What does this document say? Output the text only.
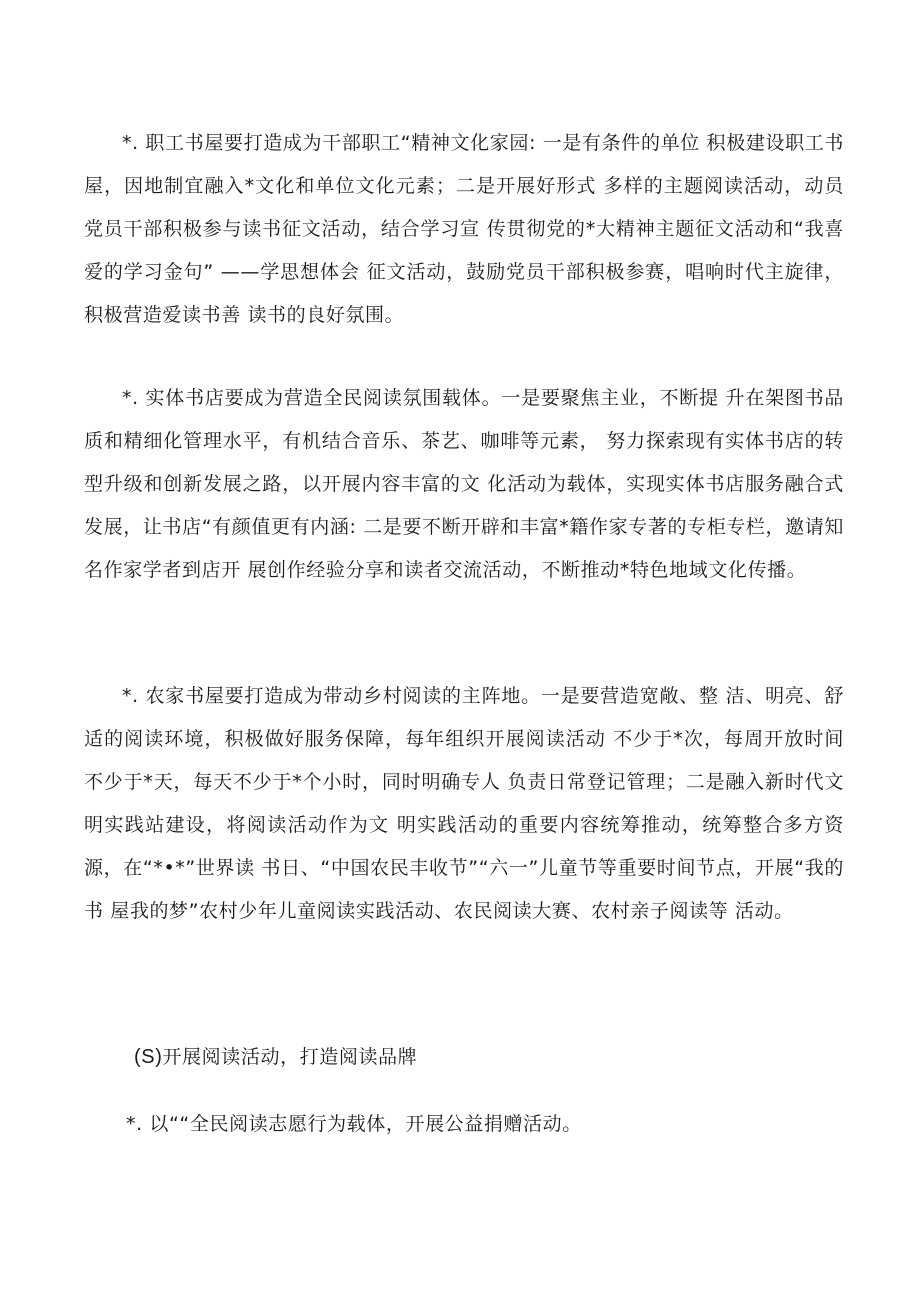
*. 职工书屋要打造成为干部职工“精神文化家园: 一是有条件的单位 积极建设职工书屋，因地制宜融入*文化和单位文化元素；二是开展好形式 多样的主题阅读活动，动员党员干部积极参与读书征文活动，结合学习宣 传贯彻党的*大精神主题征文活动和“我喜爱的学习金句” ——学思想体会 征文活动，鼓励党员干部积极参赛，唱响时代主旋律，积极营造爱读书善 读书的良好氛围。

*. 实体书店要成为营造全民阅读氛围载体。一是要聚焦主业，不断提 升在架图书品质和精细化管理水平，有机结合音乐、茶艺、咖啡等元素， 努力探索现有实体书店的转型升级和创新发展之路，以开展内容丰富的文 化活动为载体，实现实体书店服务融合式发展，让书店“有颜值更有内涵: 二是要不断开辟和丰富*籍作家专著的专柜专栏，邀请知名作家学者到店开 展创作经验分享和读者交流活动，不断推动*特色地域文化传播。

*. 农家书屋要打造成为带动乡村阅读的主阵地。一是要营造宽敞、整 洁、明亮、舒适的阅读环境，积极做好服务保障，每年组织开展阅读活动 不少于*次，每周开放时间不少于*天，每天不少于*个小时，同时明确专人 负责日常登记管理；二是融入新时代文明实践站建设，将阅读活动作为文 明实践活动的重要内容统筹推动，统筹整合多方资源，在“*•*”世界读 书日、“中国农民丰收节”“六一”儿童节等重要时间节点，开展“我的书 屋我的梦”农村少年儿童阅读实践活动、农民阅读大赛、农村亲子阅读等 活动。

(S)开展阅读活动，打造阅读品牌

*. 以““全民阅读志愿行为载体，开展公益捐赠活动。
